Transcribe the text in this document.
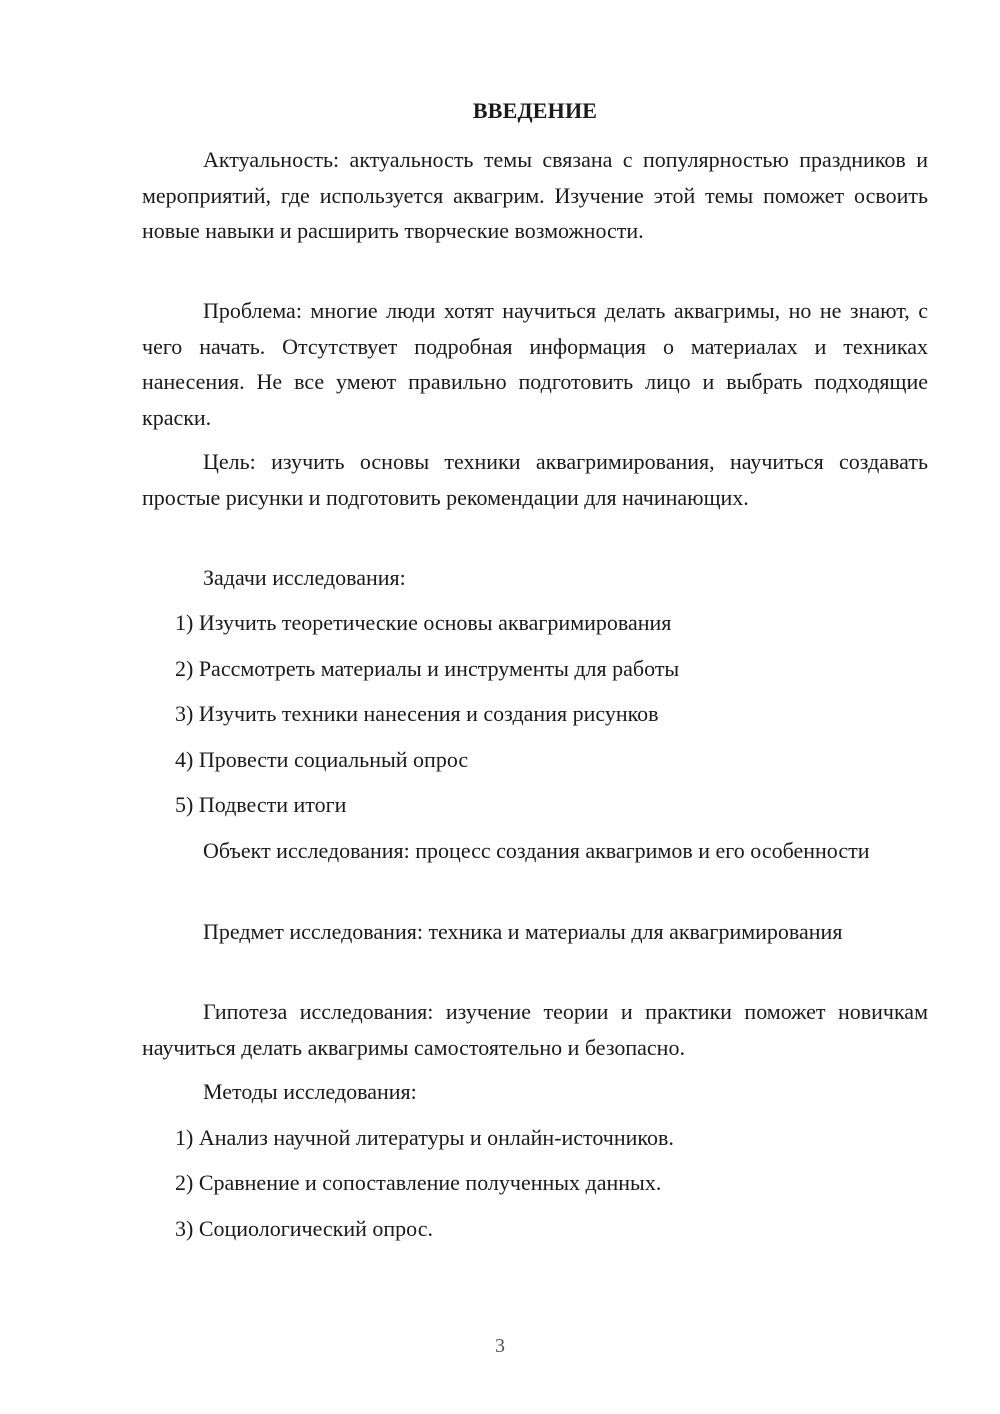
ВВЕДЕНИЕ

Актуальность: актуальность темы связана с популярностью праздников и мероприятий, где используется аквагрим. Изучение этой темы поможет освоить новые навыки и расширить творческие возможности.

Проблема: многие люди хотят научиться делать аквагримы, но не знают, с чего начать. Отсутствует подробная информация о материалах и техниках нанесения. Не все умеют правильно подготовить лицо и выбрать подходящие краски.

Цель: изучить основы техники аквагримирования, научиться создавать простые рисунки и подготовить рекомендации для начинающих.

Задачи исследования:

1) Изучить теоретические основы аквагримирования

2) Рассмотреть материалы и инструменты для работы

3) Изучить техники нанесения и создания рисунков

4) Провести социальный опрос

5) Подвести итоги

Объект исследования: процесс создания аквагримов и его особенности

Предмет исследования: техника и материалы для аквагримирования

Гипотеза исследования: изучение теории и практики поможет новичкам научиться делать аквагримы самостоятельно и безопасно.

Методы исследования:

1) Анализ научной литературы и онлайн-источников.

2) Сравнение и сопоставление полученных данных.

3) Социологический опрос.

3
